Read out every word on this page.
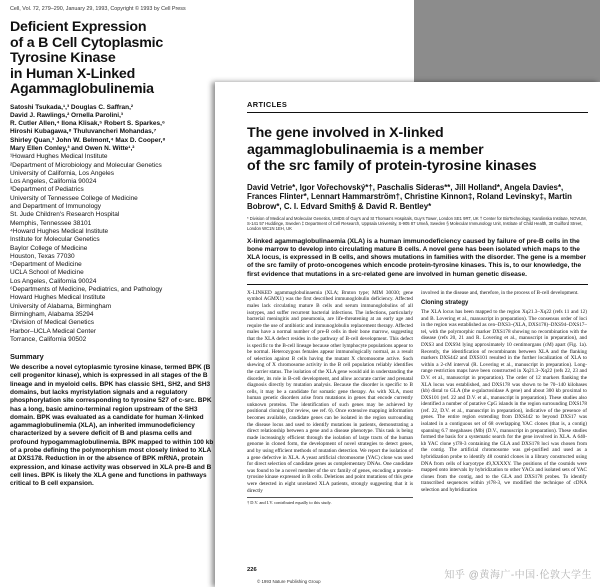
Cell, Vol. 72, 279–290, January 29, 1993, Copyright © 1993 by Cell Press
Deficient Expression
of a B Cell Cytoplasmic Tyrosine Kinase
in Human X-Linked Agammaglobulinemia
Satoshi Tsukada,¹,³ Douglas C. Saffran,²
David J. Rawlings,² Ornella Parolini,³
R. Cutler Allen,⁴ Ilona Klisak,⁵ Robert S. Sparkes,⁶
Hiroshi Kubagawa,⁸ Thuluvancheri Mohandas,⁷
Shirley Quan,³ John W. Belmont,⁴ Max D. Cooper,⁸
Mary Ellen Conley,³ and Owen N. Witte¹,²
¹Howard Hughes Medical Institute
²Department of Microbiology and Molecular Genetics
University of California, Los Angeles
Los Angeles, California 90024
³Department of Pediatrics
University of Tennessee College of Medicine
and Department of Immunology
St. Jude Children's Research Hospital
Memphis, Tennessee 38101
⁴Howard Hughes Medical Institute
Institute for Molecular Genetics
Baylor College of Medicine
Houston, Texas 77030
⁵Department of Medicine
UCLA School of Medicine
Los Angeles, California 90024
⁶Departments of Medicine, Pediatrics, and Pathology
Howard Hughes Medical Institute
University of Alabama, Birmingham
Birmingham, Alabama 35294
⁷Division of Medical Genetics
Harbor–UCLA Medical Center
Torrance, California 90502
Summary
We describe a novel cytoplasmic tyrosine kinase, termed BPK (B cell progenitor kinase), which is expressed in all stages of the B lineage and in myeloid cells. BPK has classic SH1, SH2, and SH3 domains, but lacks myristylation signals and a regulatory phosphorylation site corresponding to tyrosine 527 of c-src. BPK has a long, basic amino-terminal region upstream of the SH3 domain. BPK was evaluated as a candidate for human X-linked agammaglobulinemia (XLA), an inherited immunodeficiency characterized by a severe deficit of B and plasma cells and profound hypogammaglobulinemia. BPK mapped to within 100 kb of a probe defining the polymorphism most closely linked to XLA at DXS178. Reduction in or the absence of BPK mRNA, protein expression, and kinase activity was observed in XLA pre-B and B cell lines. BPK is likely the XLA gene and functions in pathways critical to B cell expansion.
ARTICLES
The gene involved in X-linked
agammaglobulinaemia is a member
of the src family of protein-tyrosine kinases
David Vetrie*, Igor Vořechovský*†, Paschalis Sideras**, Jill Holland*, Angela Davies*, Frances Flinter*, Lennart Hammarström†, Christine Kinnon‡, Roland Levinsky‡, Martin Bobrow*, C. I. Edvard Smith§ & David R. Bentley*
* Division of Medical and Molecular Genetics, UMDS of Guy's and St Thomas's Hospitals, Guy's Tower, London SE1 9RT, UK † Center for BioTechnology, Karolinska Institute, NOVUM, S-141 57 Huddinge, Sweden ‡ Department of Cell Research, Uppsala University, S-905 87 Umeå, Sweden § Molecular Immunology Unit, Institute of Child Health, 30 Guilford Street, London WC1N 1EH, UK
X-linked agammaglobulinaemia (XLA) is a human immunodeficiency caused by failure of pre-B cells in the bone marrow to develop into circulating mature B cells. A novel gene has been isolated which maps to the XLA locus, is expressed in B cells, and shows mutations in families with the disorder. The gene is a member of the src family of proto-oncogenes which encode protein-tyrosine kinases. This is, to our knowledge, the first evidence that mutations in a src-related gene are involved in human genetic disease.
X-LINKED agammaglobulinaemia (XLA; Bruton type; MIM 30030; gene symbol AGMX1) was the first described immunoglobulin deficiency. Affected males lack circulating mature B cells and serum immunoglobulins of all isotypes, and suffer recurrent bacterial infections. The infections, particularly bacterial meningitis and pneumonia, are life-threatening at an early age and require the use of antibiotic and immunoglobulin replacement therapy. Affected males have a normal number of pre-B cells in their bone marrow, suggesting that the XLA defect resides in the pathway of B-cell development. This defect is specific to the B-cell lineage because other lymphocyte populations appear to be normal. Heterozygous females appear immunologically normal, as a result of selection against B cells having the mutant X chromosome active. Such skewing of X chromosome activity in the B cell population reliably identifies the carrier status. The isolation of the XLA gene would aid in understanding the disorder, its role in B-cell development, and allow accurate carrier and prenatal diagnosis directly by mutation analysis. Because the disorder is specific to B cells, it may be a candidate for somatic gene therapy. As with XLA, most human genetic disorders arise from mutations in genes that encode currently unknown proteins. The identification of such genes may be achieved by positional cloning (for review, see ref. 6). Once extensive mapping information becomes available, candidate genes can be isolated in the region surrounding the disease locus and used to identify mutations in patients, demonstrating a direct relationship between a gene and a disease phenotype. This task is being made increasingly efficient through the isolation of large tracts of the human genome in cloned form, the development of novel strategies to detect genes, and by using efficient methods of mutation detection. We report the isolation of a gene defective in XLA. A yeast artificial chromosome (YAC) clone was used for direct selection of candidate genes as complementary DNAs. One candidate was found to be a novel member of the src family of genes, encoding a protein-tyrosine kinase expressed in B cells. Deletions and point mutations of this gene were detected in eight unrelated XLA patients, strongly suggesting that it is directly
† D.V. and I.V. contributed equally to this study.
involved in the disease and, therefore, in the process of B-cell development.
Cloning strategy
The XLA locus has been mapped to the region Xq21.3–Xq22 (refs 11 and 12) and B. Lovering et al., manuscript in preparation). The consensus order of loci in the region was established as cen–DXS3–(XLA, DXS178)–DXS94–DXS17–tel, with the polymorphic marker DXS178 showing no recombination with the disease (refs 20, 21 and R. Lovering et al., manuscript in preparation), and DXS3 and DXS94 lying approximately 10 centimorgans (cM) apart (Fig. 1a). Recently, the identification of recombinants between XLA and the flanking markers DXS442 and DXS101 resulted in the further localization of XLA to within a 2-cM interval (R. Lovering et al., manuscript in preparation). Long-range restriction maps have been constructed in Xq21.3–Xq22 (refs 22, 23 and D.V. et al., manuscript in preparation). The order of 12 markers flanking the XLA locus was established, and DXS178 was shown to be 70–140 kilobases (kb) distal to GLA (the α-galactosidase A gene) and about 300 kb proximal to DXS101 (ref. 22 and D.V. et al., manuscript in preparation). These studies also identified a number of putative CpG islands in the region surrounding DXS178 (ref. 22, D.V. et al., manuscript in preparation), indicative of the presence of genes. The entire region extending from DXS442 to beyond DXS17 was isolated in a contiguous set of 68 overlapping YAC clones (that is, a contig) spanning 6.7 megabases (Mb) (D.V., manuscript in preparation). These studies formed the basis for a systematic search for the gene involved in XLA. A 640-kb YAC clone yl78-3 containing the GLA and DXS178 loci was chosen from the contig. The artificial chromosome was gel-purified and used as a hybridization probe to identify 48 cosmid clones in a library constructed using DNA from cells of karyotype 49,XXXXY. The positions of the cosmids were mapped onto intervals by hybridization to other YACs and isolated sets of YAC clones from the contig, and to the GLA and DXS178 probes. To identify transcribed sequences within yl78-3, we modified the technique of cDNA selection and hybridization
226
© 1993 Nature Publishing Group
知乎 @黄海广-中国·伦敦大学生
